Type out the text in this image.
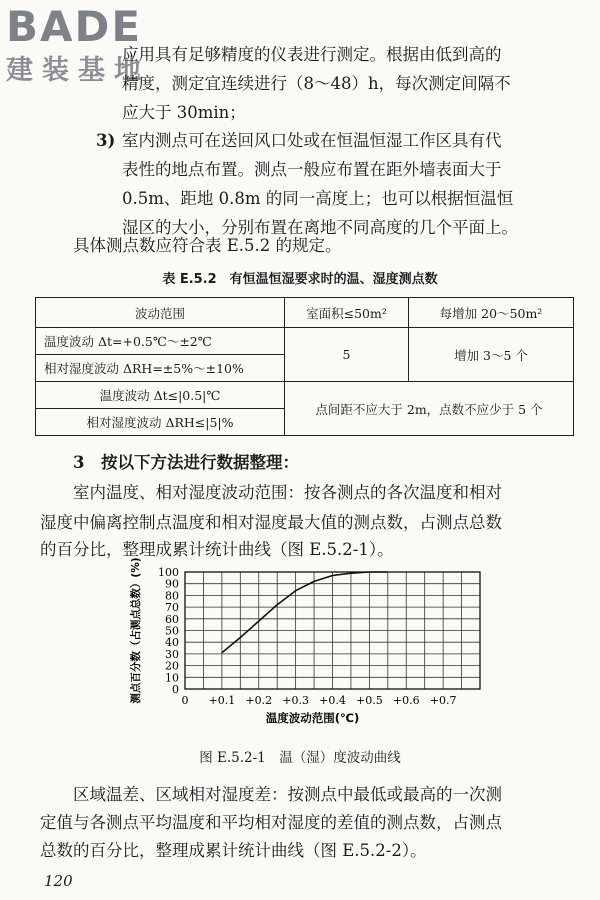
BADE
建装基地

应用具有足够精度的仪表进行测定。根据由低到高的

精度，测定宜连续进行（8～48）h，每次测定间隔不

应大于 30min；

3) 室内测点可在送回风口处或在恒温恒湿工作区具有代

表性的地点布置。测点一般应布置在距外墙表面大于

0.5m、距地 0.8m 的同一高度上；也可以根据恒温恒

湿区的大小，分别布置在离地不同高度的几个平面上。

具体测点数应符合表 E.5.2 的规定。

表 E.5.2　有恒温恒湿要求时的温、湿度测点数
波动范围	室面积≤50m²	每增加 20～50m²
温度波动 Δt=+0.5℃～±2℃	5	增加 3～5 个
相对湿度波动 ΔRH=±5%～±10%		
温度波动 Δt≤|0.5|℃	点间距不应大于 2m，点数不应少于 5 个	
相对湿度波动 ΔRH≤|5|%		

3　按以下方法进行数据整理：

室内温度、相对湿度波动范围：按各测点的各次温度和相对

湿度中偏离控制点温度和相对湿度最大值的测点数，占测点总数

的百分比，整理成累计统计曲线（图 E.5.2-1）。

0
10
20
30
40
50
60
70
80
90
100
0 +0.1 +0.2 +0.3 +0.4 +0.5 +0.6 +0.7
温度波动范围(℃)
测点百分数（占测点总数）(%)
图 E.5.2-1　温（湿）度波动曲线

区域温差、区域相对湿度差：按测点中最低或最高的一次测

定值与各测点平均温度和平均相对湿度的差值的测点数，占测点

总数的百分比，整理成累计统计曲线（图 E.5.2-2）。

120
